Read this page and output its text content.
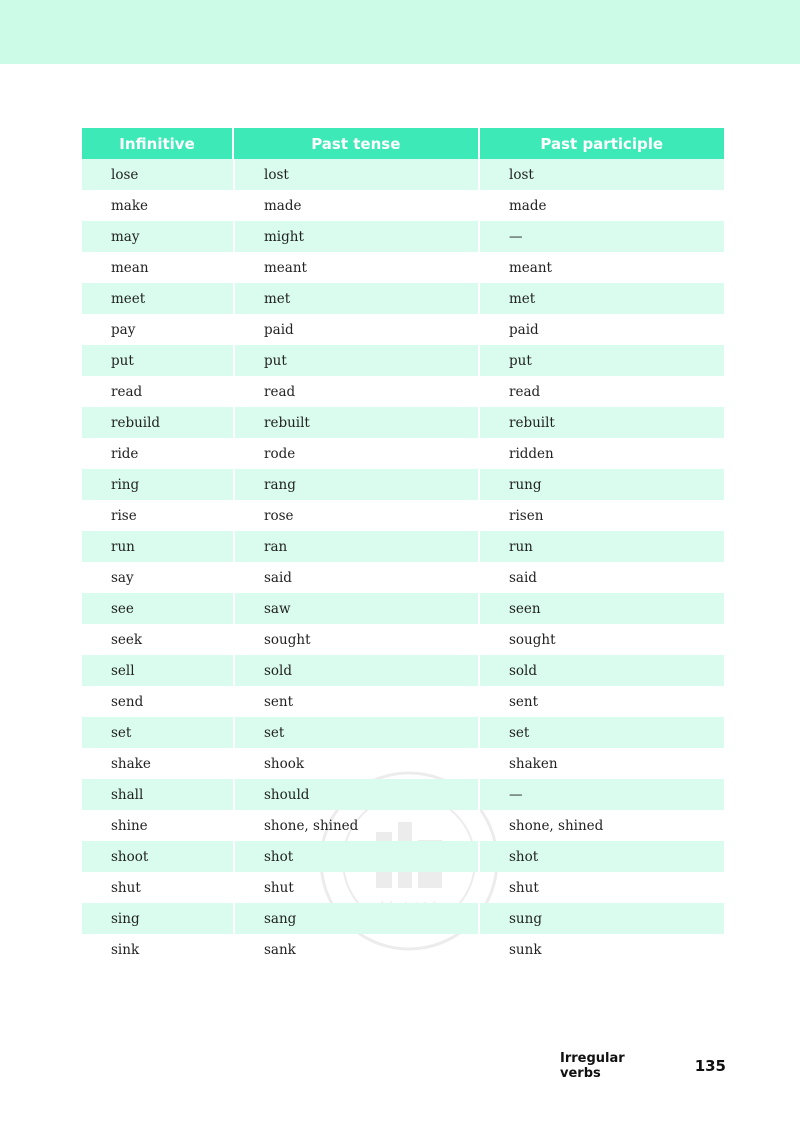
Infinitive	Past tense	Past participle
lose	lost	lost
make	made	made
may	might	—
mean	meant	meant
meet	met	met
pay	paid	paid
put	put	put
read	read	read
rebuild	rebuilt	rebuilt
ride	rode	ridden
ring	rang	rung
rise	rose	risen
run	ran	run
say	said	said
see	saw	seen
seek	sought	sought
sell	sold	sold
send	sent	sent
set	set	set
shake	shook	shaken
shall	should	—
shine	shone, shined	shone, shined
shoot	shot	shot
shut	shut	shut
sing	sang	sung
sink	sank	sunk
Irregular verbs	135
